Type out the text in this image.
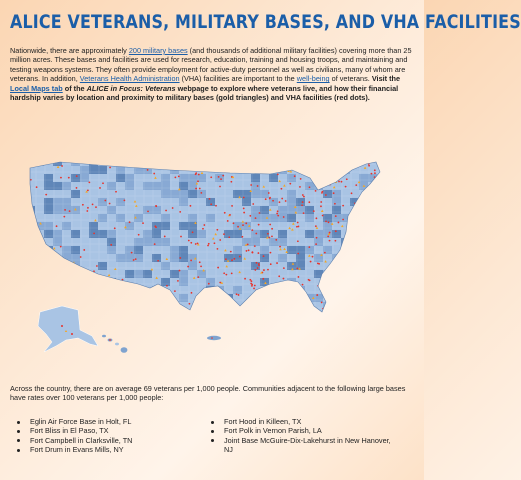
ALICE VETERANS, MILITARY BASES, AND VHA FACILITIES
Nationwide, there are approximately 200 military bases (and thousands of additional military facilities) covering more than 25 million acres. These bases and facilities are used for research, education, training and housing troops, and maintaining and testing weapons systems. They often provide employment for active-duty personnel as well as civilians, many of whom are veterans. In addition, Veterans Health Administration (VHA) facilities are important to the well-being of veterans. Visit the Local Maps tab of the ALICE in Focus: Veterans webpage to explore where veterans live, and how their financial hardship varies by location and proximity to military bases (gold triangles) and VHA facilities (red dots).
Across the country, there are on average 69 veterans per 1,000 people. Communities adjacent to the following large bases have rates over 100 veterans per 1,000 people:
Eglin Air Force Base in Holt, FL
Fort Bliss in El Paso, TX
Fort Campbell in Clarksville, TN
Fort Drum in Evans Mills, NY
Fort Hood in Killeen, TX
Fort Polk in Vernon Parish, LA
Joint Base McGuire-Dix-Lakehurst in New Hanover, NJ
